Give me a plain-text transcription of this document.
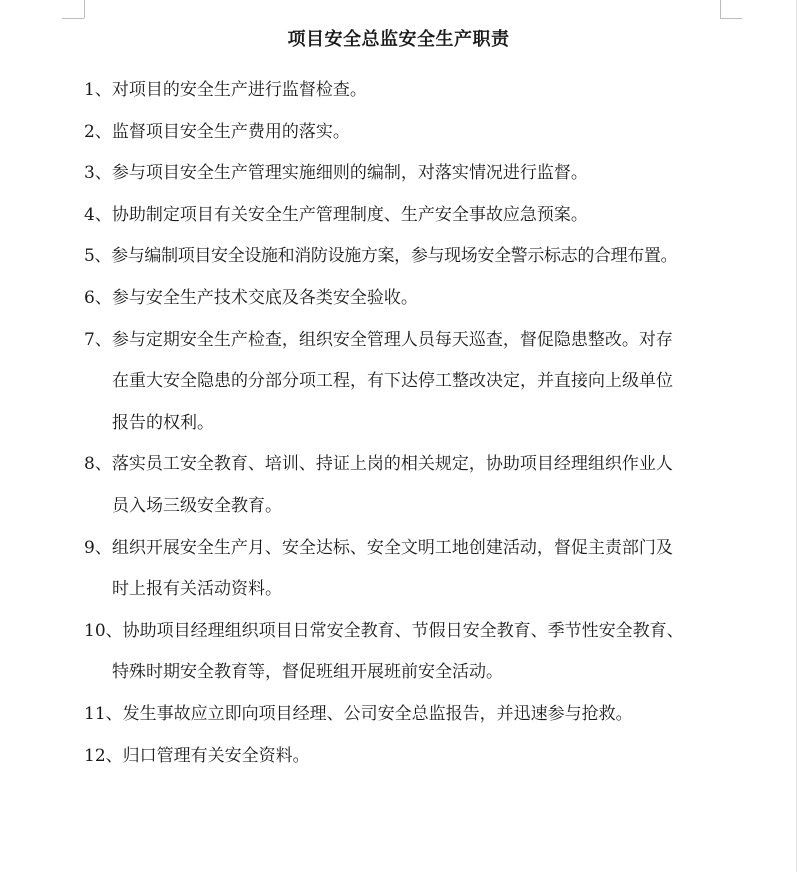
项目安全总监安全生产职责
1、对项目的安全生产进行监督检查。
2、监督项目安全生产费用的落实。
3、参与项目安全生产管理实施细则的编制，对落实情况进行监督。
4、协助制定项目有关安全生产管理制度、生产安全事故应急预案。
5、参与编制项目安全设施和消防设施方案，参与现场安全警示标志的合理布置。
6、参与安全生产技术交底及各类安全验收。
7、参与定期安全生产检查，组织安全管理人员每天巡查，督促隐患整改。对存
在重大安全隐患的分部分项工程，有下达停工整改决定，并直接向上级单位
报告的权利。
8、落实员工安全教育、培训、持证上岗的相关规定，协助项目经理组织作业人
员入场三级安全教育。
9、组织开展安全生产月、安全达标、安全文明工地创建活动，督促主责部门及
时上报有关活动资料。
10、协助项目经理组织项目日常安全教育、节假日安全教育、季节性安全教育、
特殊时期安全教育等，督促班组开展班前安全活动。
11、发生事故应立即向项目经理、公司安全总监报告，并迅速参与抢救。
12、归口管理有关安全资料。
